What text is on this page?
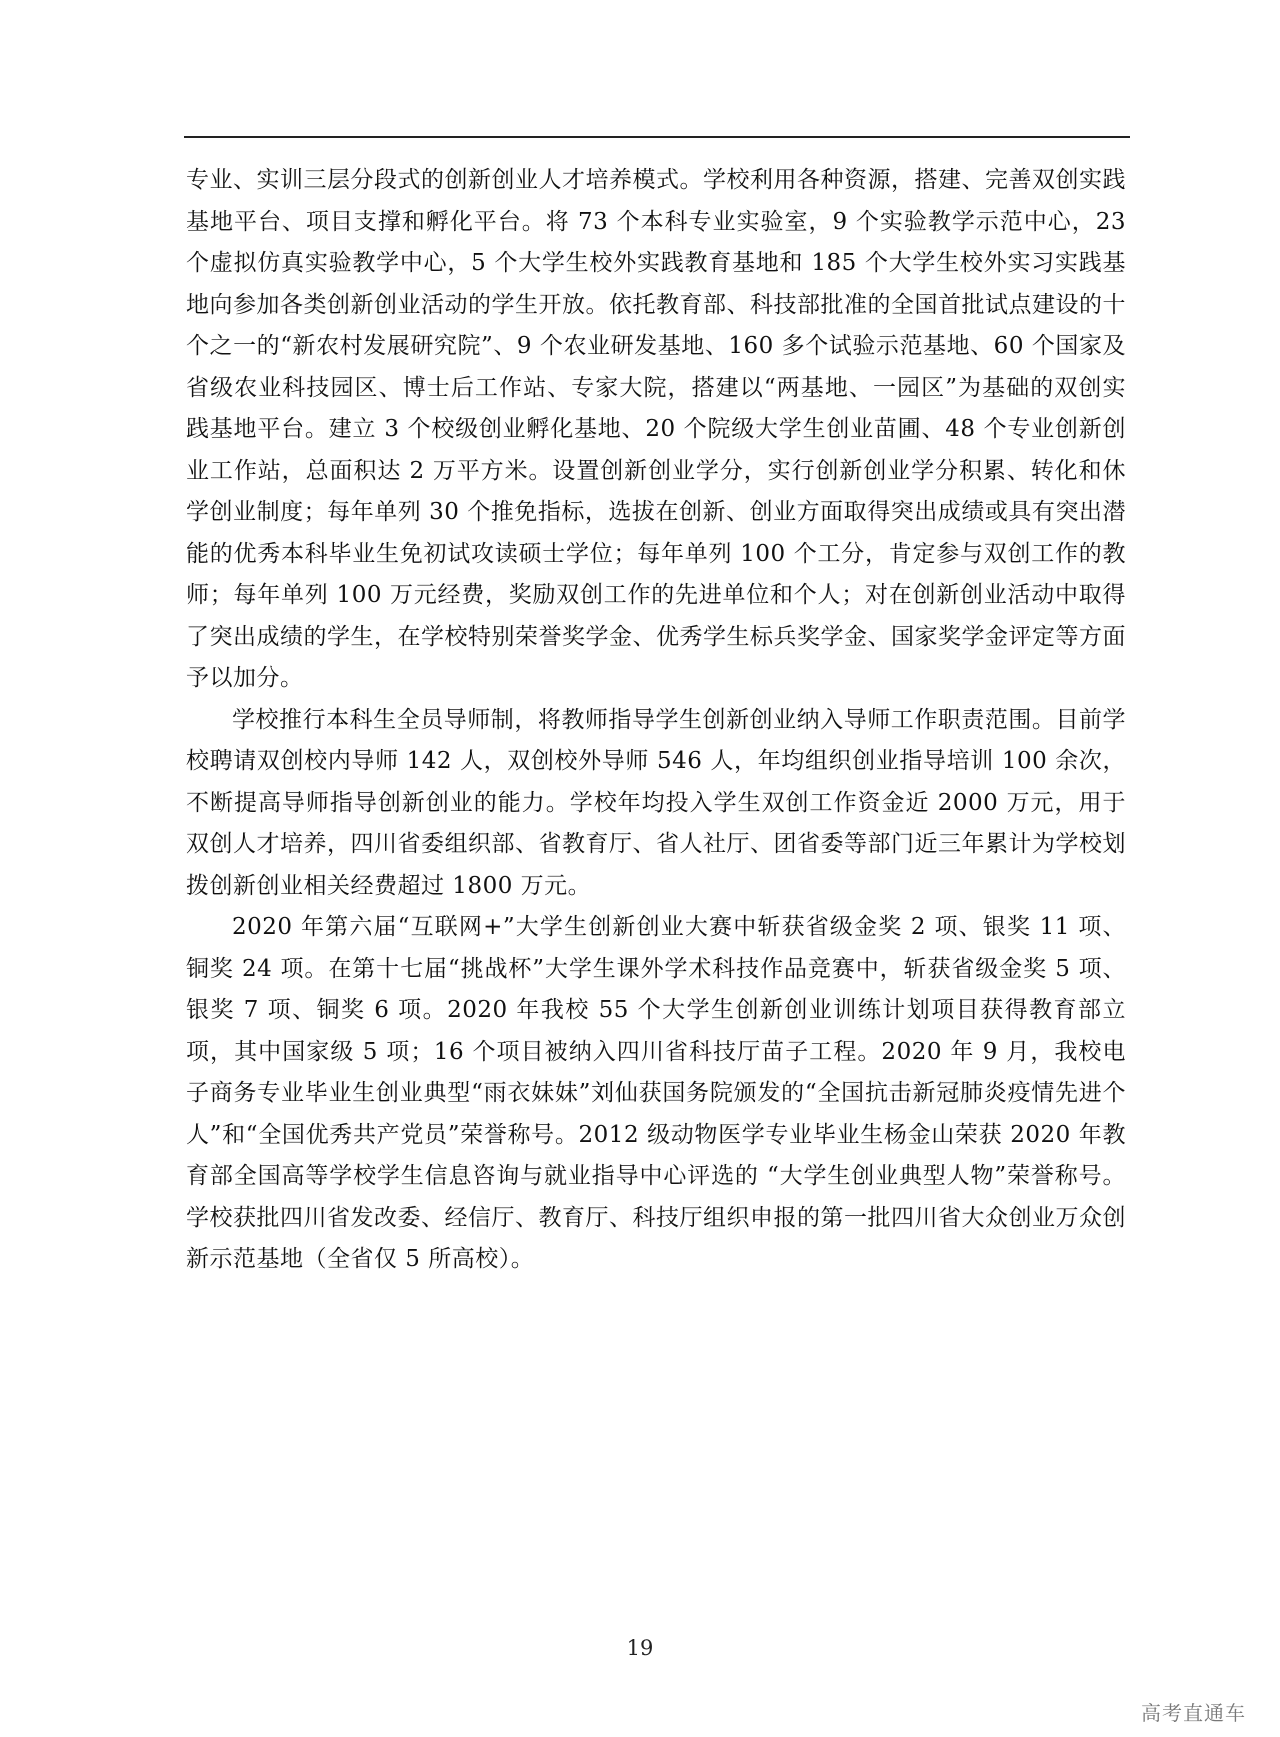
专业、实训三层分段式的创新创业人才培养模式。学校利用各种资源，搭建、完善双创实践基地平台、项目支撑和孵化平台。将 73 个本科专业实验室，9 个实验教学示范中心，23 个虚拟仿真实验教学中心，5 个大学生校外实践教育基地和 185 个大学生校外实习实践基地向参加各类创新创业活动的学生开放。依托教育部、科技部批准的全国首批试点建设的十个之一的“新农村发展研究院”、9 个农业研发基地、160 多个试验示范基地、60 个国家及省级农业科技园区、博士后工作站、专家大院，搭建以“两基地、一园区”为基础的双创实践基地平台。建立 3 个校级创业孵化基地、20 个院级大学生创业苗圃、48 个专业创新创业工作站，总面积达 2 万平方米。设置创新创业学分，实行创新创业学分积累、转化和休学创业制度；每年单列 30 个推免指标，选拔在创新、创业方面取得突出成绩或具有突出潜能的优秀本科毕业生免初试攻读硕士学位；每年单列 100 个工分，肯定参与双创工作的教师；每年单列 100 万元经费，奖励双创工作的先进单位和个人；对在创新创业活动中取得了突出成绩的学生，在学校特别荣誉奖学金、优秀学生标兵奖学金、国家奖学金评定等方面予以加分。

学校推行本科生全员导师制，将教师指导学生创新创业纳入导师工作职责范围。目前学校聘请双创校内导师 142 人，双创校外导师 546 人，年均组织创业指导培训 100 余次，不断提高导师指导创新创业的能力。学校年均投入学生双创工作资金近 2000 万元，用于双创人才培养，四川省委组织部、省教育厅、省人社厅、团省委等部门近三年累计为学校划拨创新创业相关经费超过 1800 万元。

2020 年第六届“互联网+”大学生创新创业大赛中斩获省级金奖 2 项、银奖 11 项、铜奖 24 项。在第十七届“挑战杯”大学生课外学术科技作品竞赛中，斩获省级金奖 5 项、银奖 7 项、铜奖 6 项。2020 年我校 55 个大学生创新创业训练计划项目获得教育部立项，其中国家级 5 项；16 个项目被纳入四川省科技厅苗子工程。2020 年 9 月，我校电子商务专业毕业生创业典型“雨衣妹妹”刘仙获国务院颁发的“全国抗击新冠肺炎疫情先进个人”和“全国优秀共产党员”荣誉称号。2012 级动物医学专业毕业生杨金山荣获 2020 年教育部全国高等学校学生信息咨询与就业指导中心评选的 “大学生创业典型人物”荣誉称号。学校获批四川省发改委、经信厅、教育厅、科技厅组织申报的第一批四川省大众创业万众创新示范基地（全省仅 5 所高校）。

19
高考直通车
